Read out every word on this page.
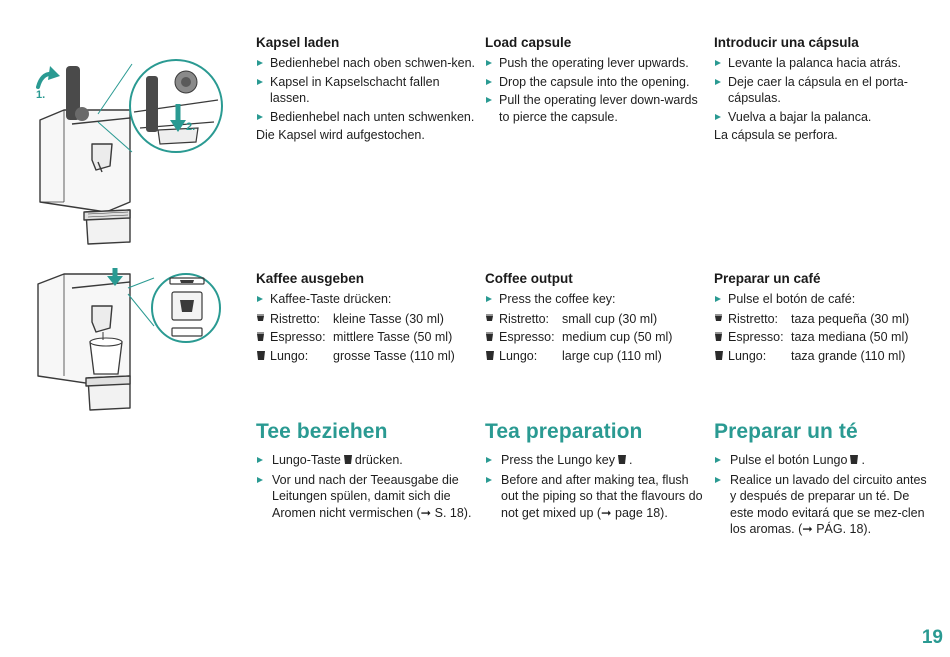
1.
2.
Kapsel laden
Bedienhebel nach oben schwen-ken.
Kapsel in Kapselschacht fallen lassen.
Bedienhebel nach unten schwenken.
Die Kapsel wird aufgestochen.
Load capsule
Push the operating lever upwards.
Drop the capsule into the opening.
Pull the operating lever down-wards to pierce the capsule.
Introducir una cápsula
Levante la palanca hacia atrás.
Deje caer la cápsula en el porta-cápsulas.
Vuelva a bajar la palanca.
La cápsula se perfora.
Kaffee ausgeben
Kaffee-Taste drücken:
Ristretto:	kleine Tasse (30 ml)
Espresso: mittlere Tasse (50 ml)
Lungo:	grosse Tasse (110 ml)
Coffee output
Press the coffee key:
Ristretto:	small cup (30 ml)
Espresso: medium cup (50 ml)
Lungo:	large cup (110 ml)
Preparar un café
Pulse el botón de café:
Ristretto:	taza pequeña (30 ml)
Espresso: taza mediana (50 ml)
Lungo:	taza grande (110 ml)
Tee beziehen
Lungo-Taste drücken.
Vor und nach der Teeausgabe die Leitungen spülen, damit sich die Aromen nicht vermischen (➞ S. 18).
Tea preparation
Press the Lungo key .
Before and after making tea, flush out the piping so that the flavours do not get mixed up (➞ page 18).
Preparar un té
Pulse el botón Lungo .
Realice un lavado del circuito antes y después de preparar un té. De este modo evitará que se mez-clen los aromas. (➞ PÁG. 18).
19
